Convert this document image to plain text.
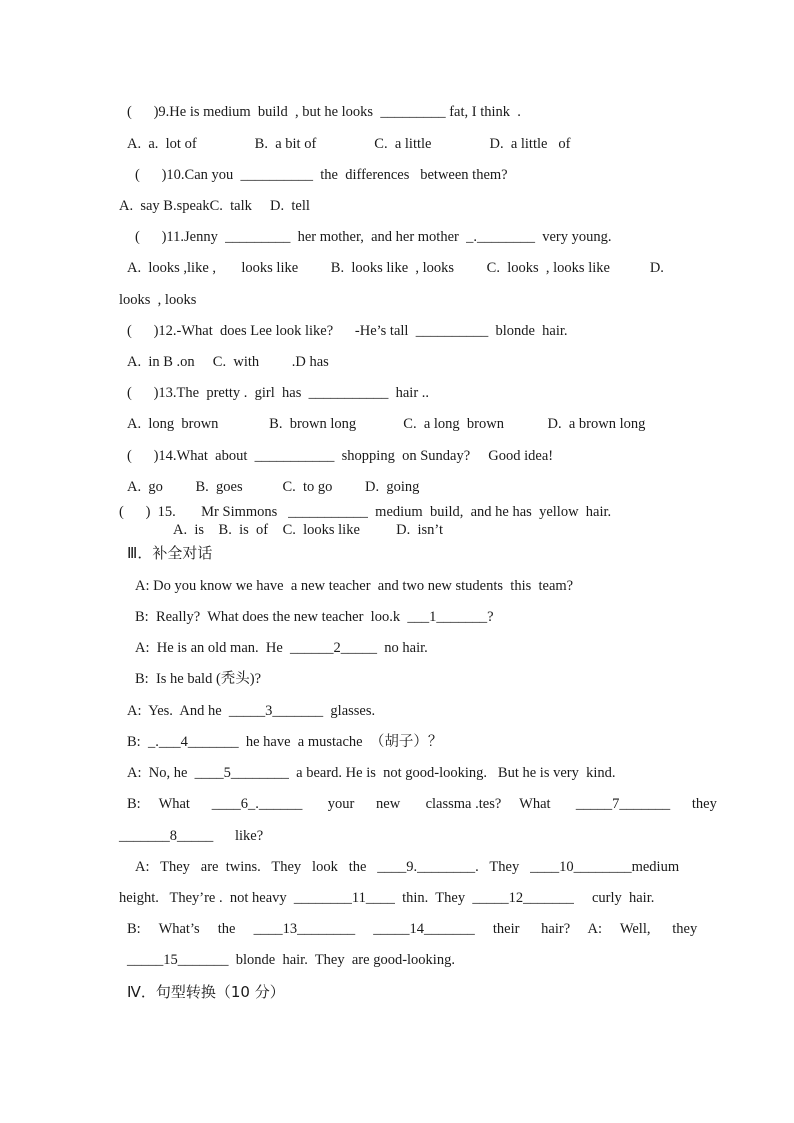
(      )9.He is medium  build  , but he looks  _________ fat, I think  .
A.  a.  lot of                B.  a bit of                C.  a little                D.  a little   of
(      )10.Can you  __________  the  differences   between them?
A.  say B.speakC.  talk     D.  tell
(      )11.Jenny  _________  her mother,  and her mother  _.________  very young.
A.  looks ,like ,       looks like         B.  looks like  , looks         C.  looks  , looks like           D.
looks  , looks
(      )12.-What  does Lee look like?      -He’s tall  __________  blonde  hair.
A.  in B .on     C.  with         .D has
(      )13.The  pretty .  girl  has  ___________  hair ..
A.  long  brown              B.  brown long             C.  a long  brown            D.  a brown long
(      )14.What  about  ___________  shopping  on Sunday?     Good idea!
A.  go         B.  goes           C.  to go         D.  going
(      )  15.       Mr Simmons   ___________  medium  build,  and he has  yellow  hair.
A.  is    B.  is  of    C.  looks like          D.  isn’t
Ⅲ．补全对话
A: Do you know we have  a new teacher  and two new students  this  team?
B:  Really?  What does the new teacher  loo.k  ___1_______?
A:  He is an old man.  He  ______2_____  no hair.
B:  Is he bald (秃头)?
A:  Yes.  And he  _____3_______  glasses.
B:  _.___4_______  he have  a mustache  （胡子）？
A:  No, he  ____5________  a beard. He is  not good-looking.   But he is very  kind.
B:     What      ____6_.______       your      new       classma .tes?     What       _____7_______      they
_______8_____      like?
A:   They   are  twins.   They   look   the   ____9.________.   They   ____10________medium
height.   They’re .  not heavy  ________11____  thin.  They  _____12_______     curly  hair.
B:     What’s     the     ____13________     _____14_______     their      hair?     A:     Well,      they
_____15_______  blonde  hair.  They  are good-looking.
Ⅳ．句型转换（10 分）
